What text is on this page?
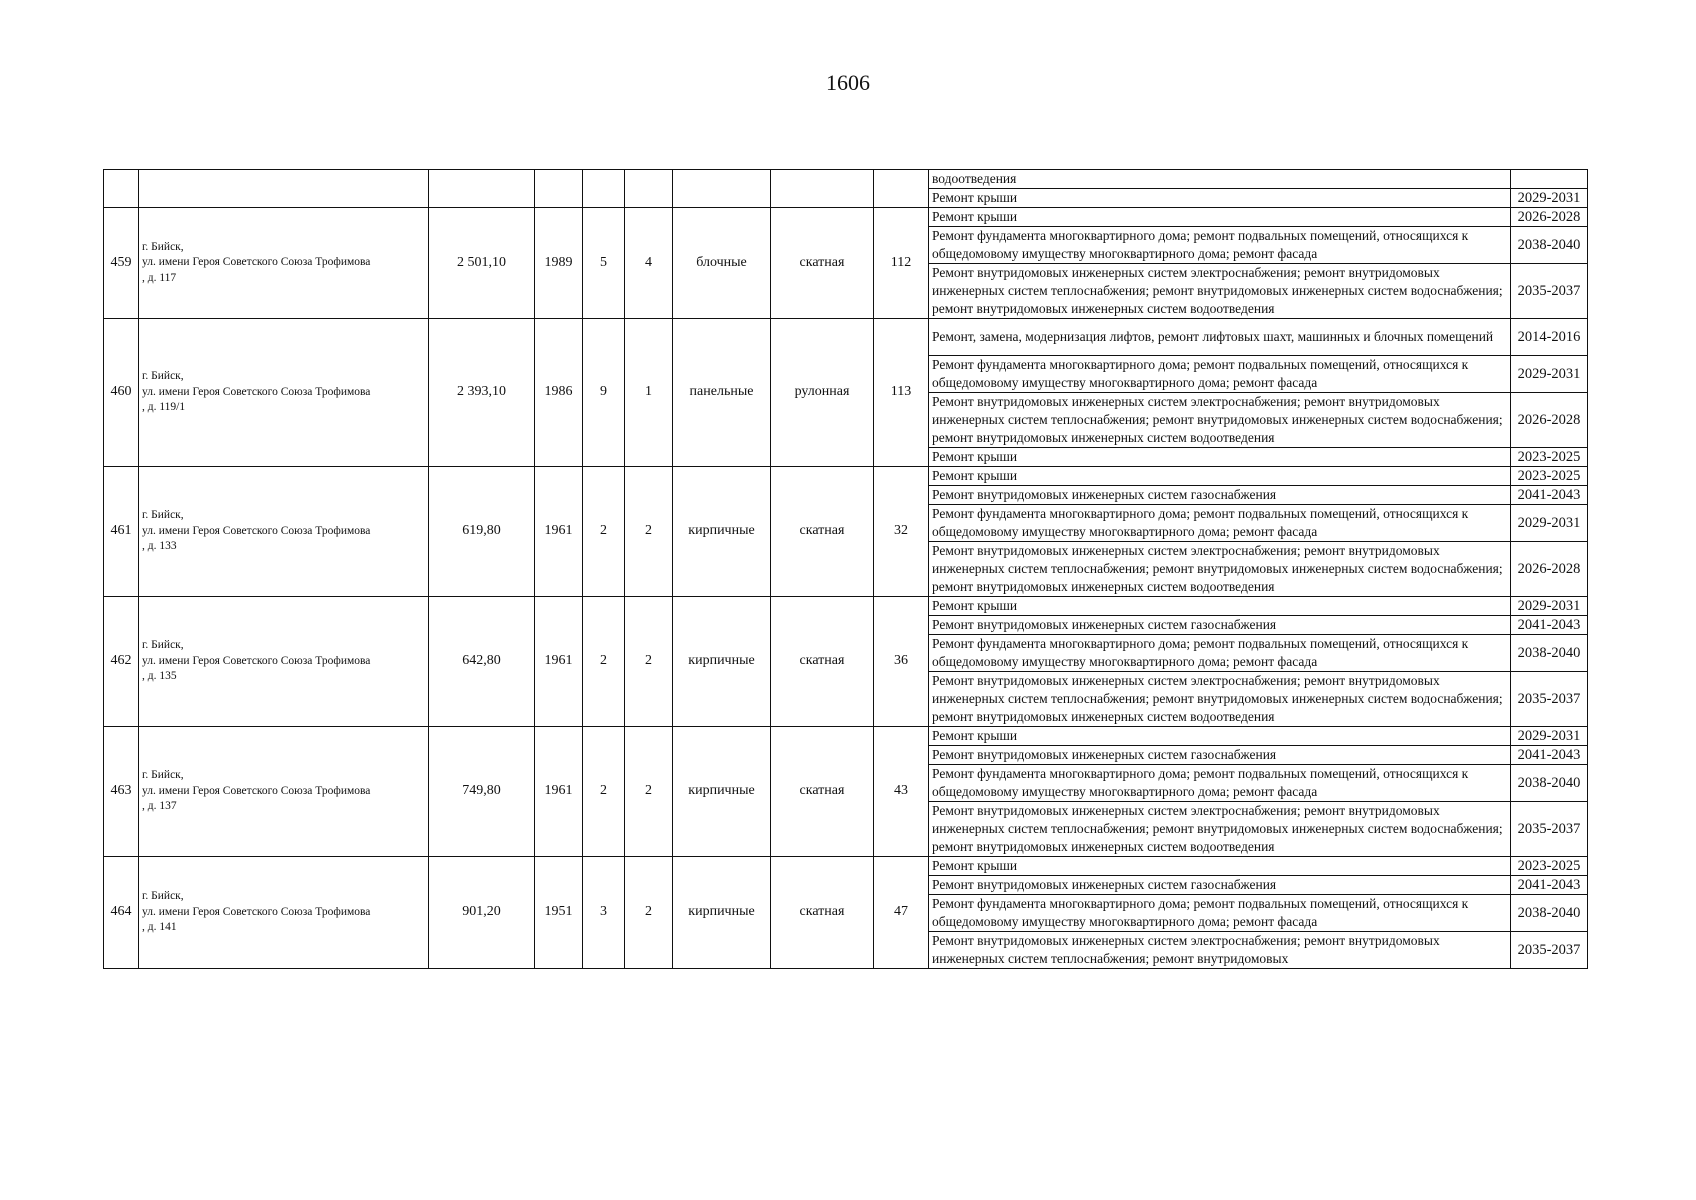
1606
									водоотведения	
									Ремонт крыши	2029-2031
459	г. Бийск,
ул. имени Героя Советского Союза Трофимова
, д. 117	2 501,10	1989	5	4	блочные	скатная	112	Ремонт крыши	2026-2028
									Ремонт фундамента многоквартирного дома; ремонт подвальных помещений, относящихся к общедомовому имуществу многоквартирного дома; ремонт фасада	2038-2040
									Ремонт внутридомовых инженерных систем электроснабжения; ремонт внутридомовых инженерных систем теплоснабжения; ремонт внутридомовых инженерных систем водоснабжения; ремонт внутридомовых инженерных систем водоотведения	2035-2037
460	г. Бийск,
ул. имени Героя Советского Союза Трофимова
, д. 119/1	2 393,10	1986	9	1	панельные	рулонная	113	Ремонт, замена, модернизация лифтов, ремонт лифтовых шахт, машинных и блочных помещений	2014-2016
									Ремонт фундамента многоквартирного дома; ремонт подвальных помещений, относящихся к общедомовому имуществу многоквартирного дома; ремонт фасада	2029-2031
									Ремонт внутридомовых инженерных систем электроснабжения; ремонт внутридомовых инженерных систем теплоснабжения; ремонт внутридомовых инженерных систем водоснабжения; ремонт внутридомовых инженерных систем водоотведения	2026-2028
									Ремонт крыши	2023-2025
461	г. Бийск,
ул. имени Героя Советского Союза Трофимова
, д. 133	619,80	1961	2	2	кирпичные	скатная	32	Ремонт крыши	2023-2025
									Ремонт внутридомовых инженерных систем газоснабжения	2041-2043
									Ремонт фундамента многоквартирного дома; ремонт подвальных помещений, относящихся к общедомовому имуществу многоквартирного дома; ремонт фасада	2029-2031
									Ремонт внутридомовых инженерных систем электроснабжения; ремонт внутридомовых инженерных систем теплоснабжения; ремонт внутридомовых инженерных систем водоснабжения; ремонт внутридомовых инженерных систем водоотведения	2026-2028
462	г. Бийск,
ул. имени Героя Советского Союза Трофимова
, д. 135	642,80	1961	2	2	кирпичные	скатная	36	Ремонт крыши	2029-2031
									Ремонт внутридомовых инженерных систем газоснабжения	2041-2043
									Ремонт фундамента многоквартирного дома; ремонт подвальных помещений, относящихся к общедомовому имуществу многоквартирного дома; ремонт фасада	2038-2040
									Ремонт внутридомовых инженерных систем электроснабжения; ремонт внутридомовых инженерных систем теплоснабжения; ремонт внутридомовых инженерных систем водоснабжения; ремонт внутридомовых инженерных систем водоотведения	2035-2037
463	г. Бийск,
ул. имени Героя Советского Союза Трофимова
, д. 137	749,80	1961	2	2	кирпичные	скатная	43	Ремонт крыши	2029-2031
									Ремонт внутридомовых инженерных систем газоснабжения	2041-2043
									Ремонт фундамента многоквартирного дома; ремонт подвальных помещений, относящихся к общедомовому имуществу многоквартирного дома; ремонт фасада	2038-2040
									Ремонт внутридомовых инженерных систем электроснабжения; ремонт внутридомовых инженерных систем теплоснабжения; ремонт внутридомовых инженерных систем водоснабжения; ремонт внутридомовых инженерных систем водоотведения	2035-2037
464	г. Бийск,
ул. имени Героя Советского Союза Трофимова
, д. 141	901,20	1951	3	2	кирпичные	скатная	47	Ремонт крыши	2023-2025
									Ремонт внутридомовых инженерных систем газоснабжения	2041-2043
									Ремонт фундамента многоквартирного дома; ремонт подвальных помещений, относящихся к общедомовому имуществу многоквартирного дома; ремонт фасада	2038-2040
									Ремонт внутридомовых инженерных систем электроснабжения; ремонт внутридомовых инженерных систем теплоснабжения; ремонт внутридомовых	2035-2037
